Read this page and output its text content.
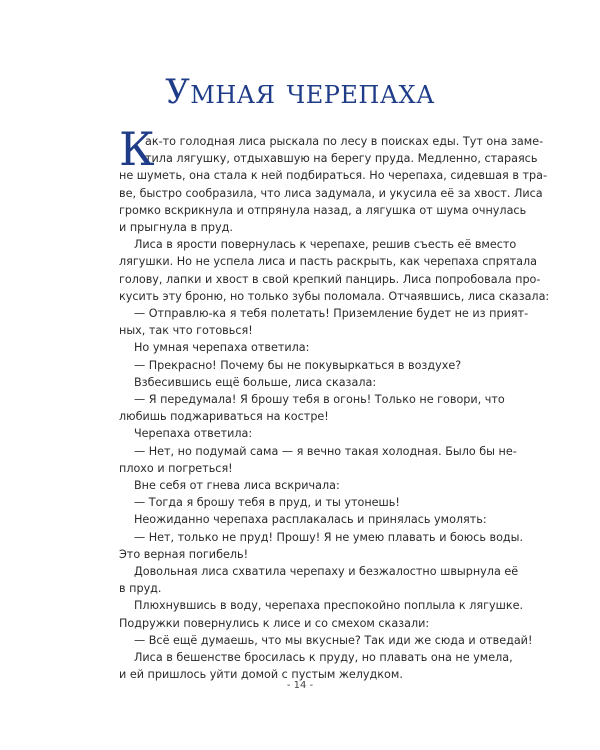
Умная черепаха
К
ак-то голодная лиса рыскала по лесу в поисках еды. Тут она заме-
тила лягушку, отдыхавшую на берегу пруда. Медленно, стараясь
не шуметь, она стала к ней подбираться. Но черепаха, сидевшая в тра-
ве, быстро сообразила, что лиса задумала, и укусила её за хвост. Лиса
громко вскрикнула и отпрянула назад, а лягушка от шума очнулась
и прыгнула в пруд.
Лиса в ярости повернулась к черепахе, решив съесть её вместо
лягушки. Но не успела лиса и пасть раскрыть, как черепаха спрятала
голову, лапки и хвост в свой крепкий панцирь. Лиса попробовала про-
кусить эту броню, но только зубы поломала. Отчаявшись, лиса сказала:
— Отправлю-ка я тебя полетать! Приземление будет не из прият-
ных, так что готовься!
Но умная черепаха ответила:
— Прекрасно! Почему бы не покувыркаться в воздухе?
Взбесившись ещё больше, лиса сказала:
— Я передумала! Я брошу тебя в огонь! Только не говори, что
любишь поджариваться на костре!
Черепаха ответила:
— Нет, но подумай сама — я вечно такая холодная. Было бы не-
плохо и погреться!
Вне себя от гнева лиса вскричала:
— Тогда я брошу тебя в пруд, и ты утонешь!
Неожиданно черепаха расплакалась и принялась умолять:
— Нет, только не пруд! Прошу! Я не умею плавать и боюсь воды.
Это верная погибель!
Довольная лиса схватила черепаху и безжалостно швырнула её
в пруд.
Плюхнувшись в воду, черепаха преспокойно поплыла к лягушке.
Подружки повернулись к лисе и со смехом сказали:
— Всё ещё думаешь, что мы вкусные? Так иди же сюда и отведай!
Лиса в бешенстве бросилась к пруду, но плавать она не умела,
и ей пришлось уйти домой с пустым желудком.
- 14 -
